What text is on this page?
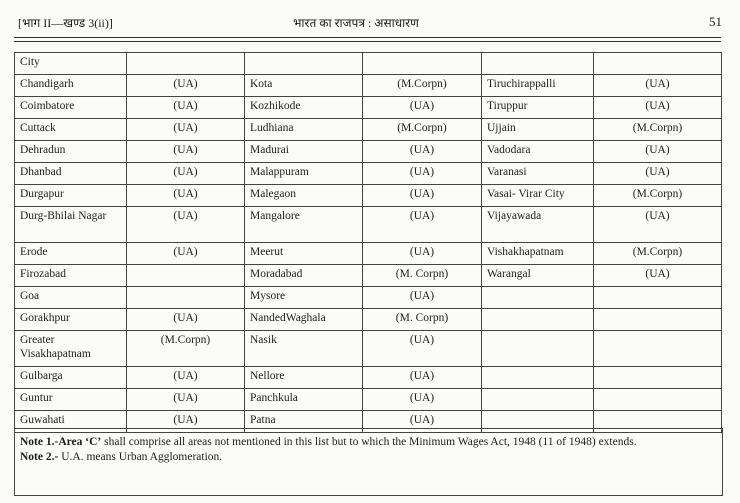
[भाग II—खण्ड 3(ii)]	भारत का राजपत्र : असाधारण	51
City					
Chandigarh	(UA)	Kota	(M.Corpn)	Tiruchirappalli	(UA)
Coimbatore	(UA)	Kozhikode	(UA)	Tiruppur	(UA)
Cuttack	(UA)	Ludhiana	(M.Corpn)	Ujjain	(M.Corpn)
Dehradun	(UA)	Madurai	(UA)	Vadodara	(UA)
Dhanbad	(UA)	Malappuram	(UA)	Varanasi	(UA)
Durgapur	(UA)	Malegaon	(UA)	Vasai- Virar City	(M.Corpn)
Durg-Bhilai Nagar	(UA)	Mangalore	(UA)	Vijayawada	(UA)
Erode	(UA)	Meerut	(UA)	Vishakhapatnam	(M.Corpn)
Firozabad		Moradabad	(M. Corpn)	Warangal	(UA)
Goa		Mysore	(UA)		
Gorakhpur	(UA)	NandedWaghala	(M. Corpn)		
Greater Visakhapatnam	(M.Corpn)	Nasik	(UA)		
Gulbarga	(UA)	Nellore	(UA)		
Guntur	(UA)	Panchkula	(UA)		
Guwahati	(UA)	Patna	(UA)		
Note 1.-Area ‘C’ shall comprise all areas not mentioned in this list but to which the Minimum Wages Act, 1948 (11 of 1948) extends.
Note 2.- U.A. means Urban Agglomeration.
